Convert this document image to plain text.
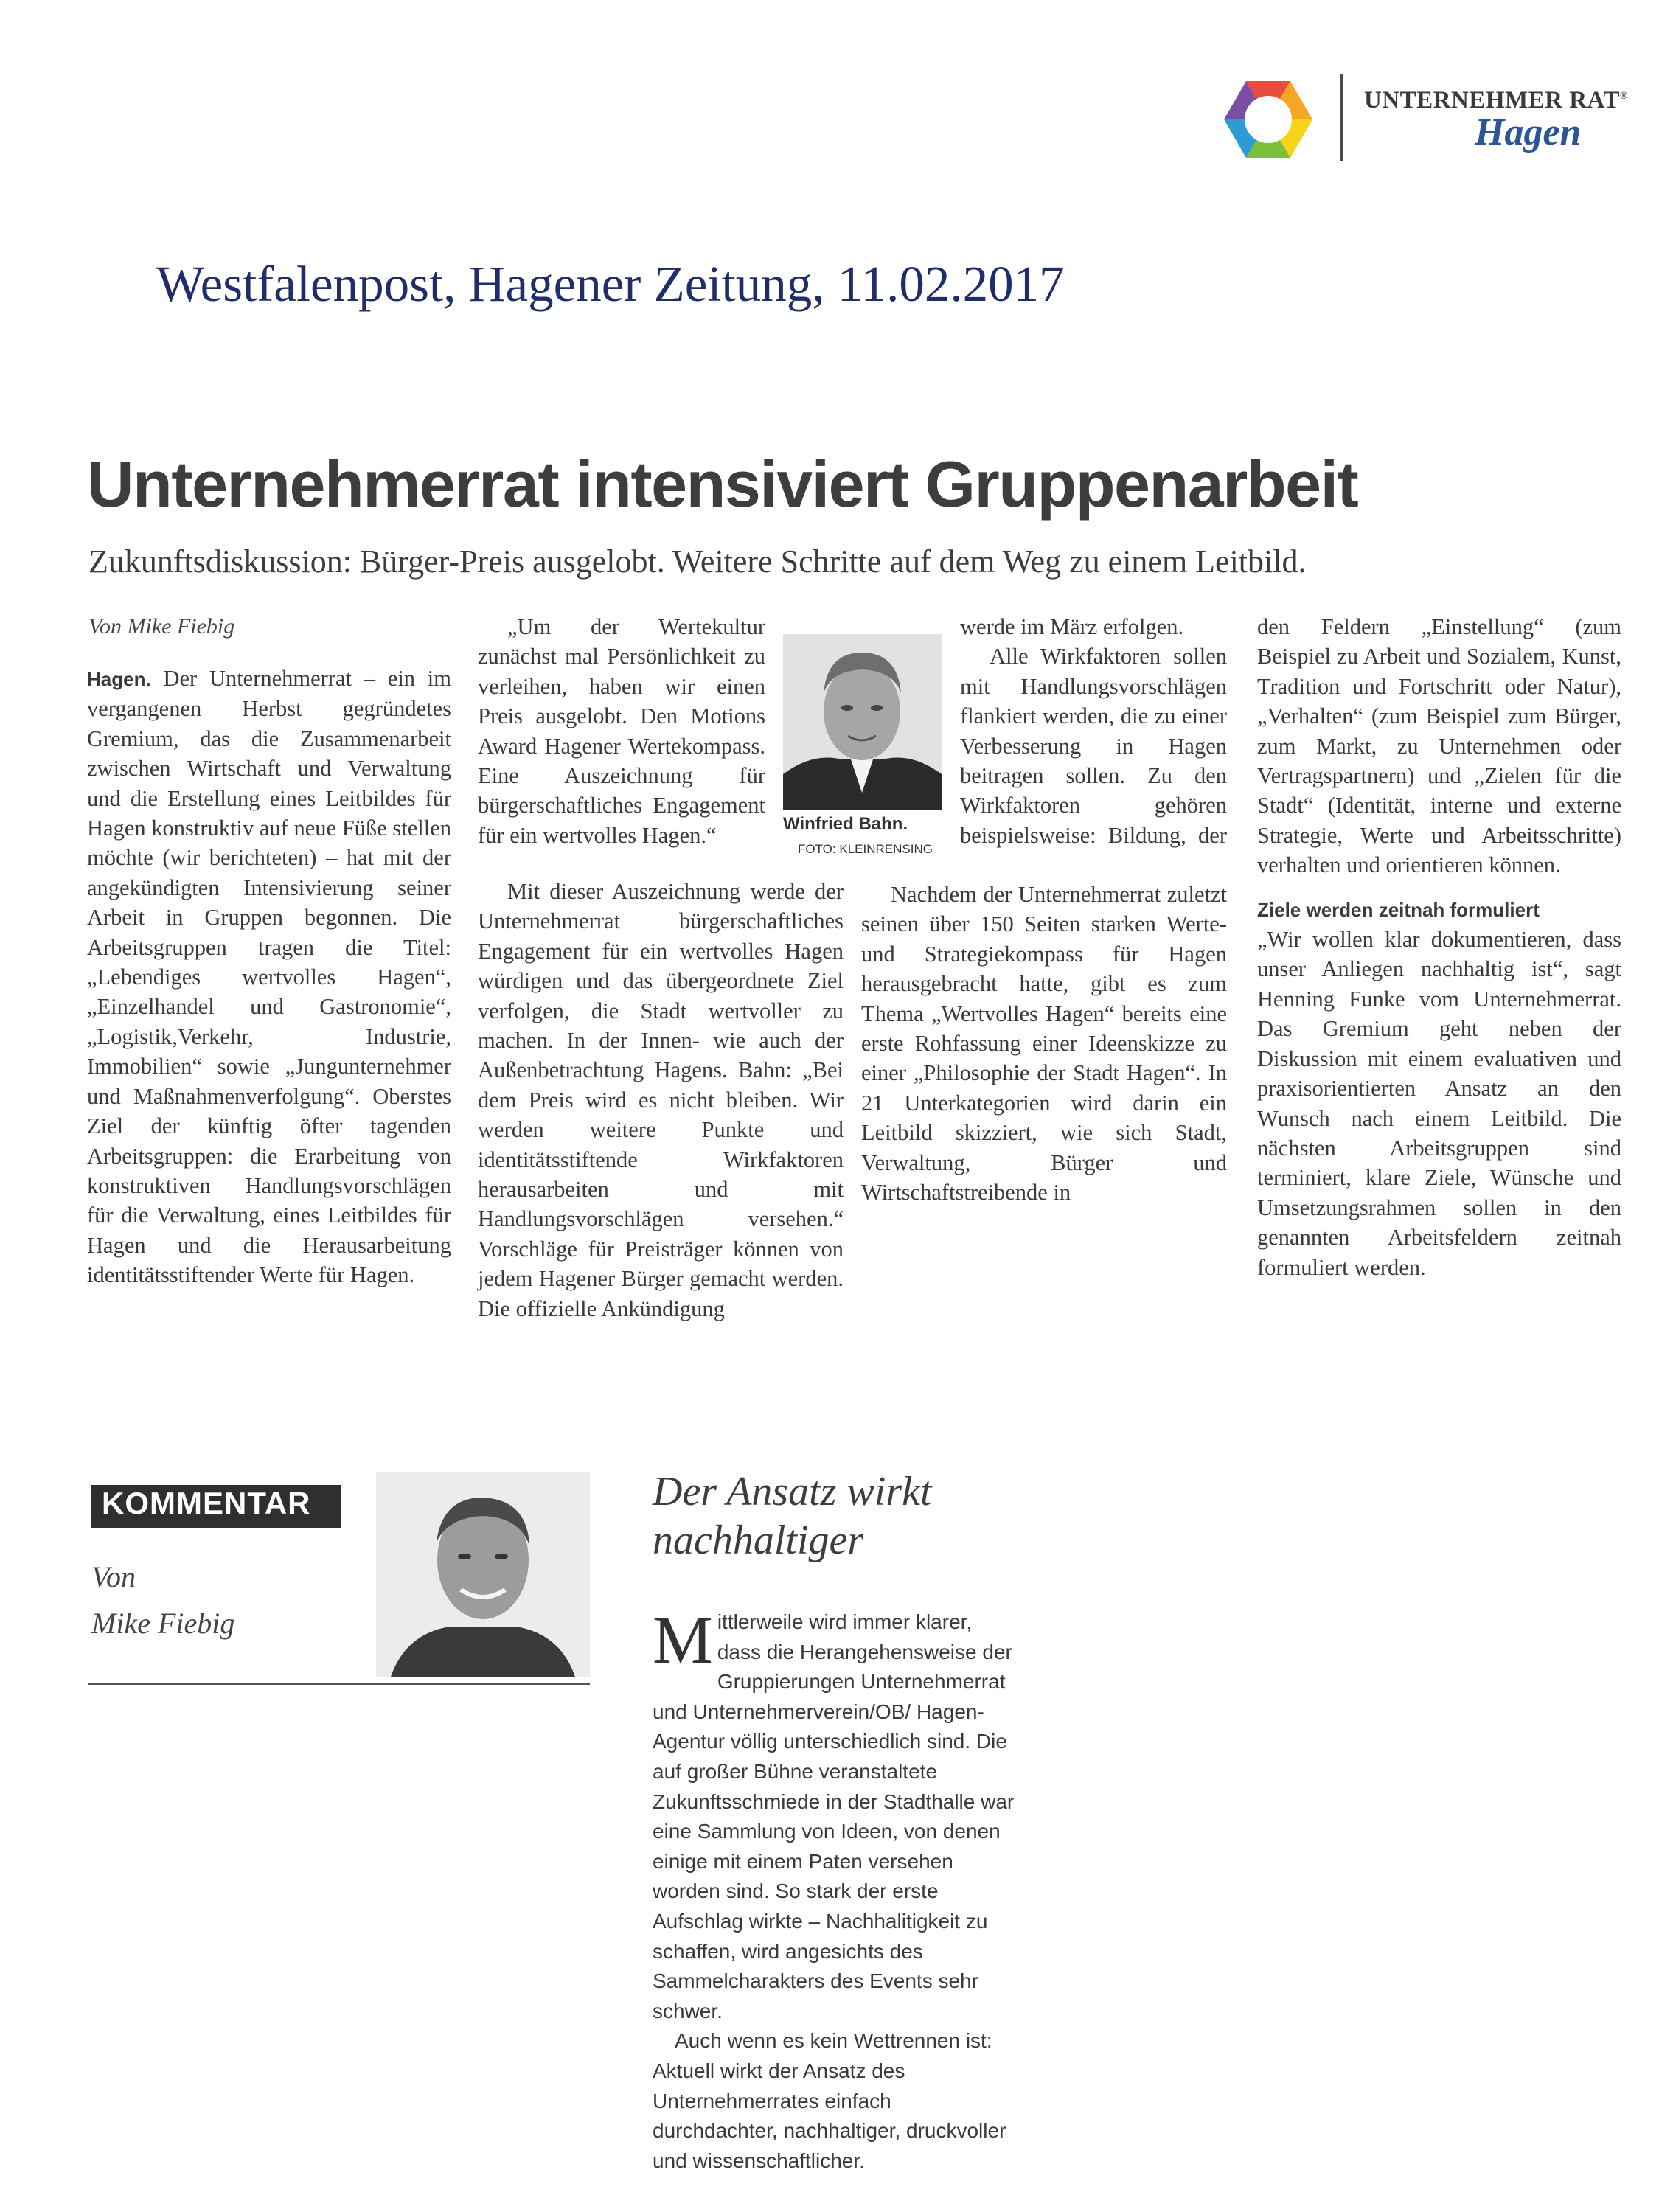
UNTERNEHMER RAT®
Hagen
Westfalenpost, Hagener Zeitung, 11.02.2017
Unternehmerrat intensiviert Gruppenarbeit
Zukunftsdiskussion: Bürger-Preis ausgelobt. Weitere Schritte auf dem Weg zu einem Leitbild.
Von Mike Fiebig

Hagen. Der Unternehmerrat – ein im vergangenen Herbst gegründetes Gremium, das die Zusammenarbeit zwischen Wirtschaft und Verwaltung und die Erstellung eines Leitbildes für Hagen konstruktiv auf neue Füße stellen möchte (wir berichteten) – hat mit der angekündigten Intensivierung seiner Arbeit in Gruppen begonnen. Die Arbeitsgruppen tragen die Titel: „Lebendiges wertvolles Hagen“, „Einzelhandel und Gastronomie“, „Logistik,Verkehr, Industrie, Immobilien“ sowie „Jungunternehmer und Maßnahmenverfolgung“. Oberstes Ziel der künftig öfter tagenden Arbeitsgruppen: die Erarbeitung von konstruktiven Handlungsvorschlägen für die Verwaltung, eines Leitbildes für Hagen und die Herausarbeitung identitätsstiftender Werte für Hagen.

„Um der Wertekultur zunächst mal Persönlichkeit zu verleihen, haben wir einen Preis ausgelobt. Den Motions Award Hagener Wertekompass. Eine Auszeichnung für bürgerschaftliches Engagement für ein wertvolles Hagen.“

Mit dieser Auszeichnung werde der Unternehmerrat bürgerschaftliches Engagement für ein wertvolles Hagen würdigen und das übergeordnete Ziel verfolgen, die Stadt wertvoller zu machen. In der Innen- wie auch der Außenbetrachtung Hagens. Bahn: „Bei dem Preis wird es nicht bleiben. Wir werden weitere Punkte und identitätsstiftende Wirkfaktoren herausarbeiten und mit Handlungsvorschlägen versehen.“ Vorschläge für Preisträger können von jedem Hagener Bürger gemacht werden. Die offizielle Ankündigung

Winfried Bahn.
FOTO: KLEINRENSING

werde im März erfolgen.

Alle Wirkfaktoren sollen mit Handlungsvorschlägen flankiert werden, die zu einer Verbesserung in Hagen beitragen sollen. Zu den Wirkfaktoren gehören beispielsweise: Bildung, der

Nachdem der Unternehmerrat zuletzt seinen über 150 Seiten starken Werte- und Strategiekompass für Hagen herausgebracht hatte, gibt es zum Thema „Wertvolles Hagen“ bereits eine erste Rohfassung einer Ideenskizze zu einer „Philosophie der Stadt Hagen“. In 21 Unterkategorien wird darin ein Leitbild skizziert, wie sich Stadt, Verwaltung, Bürger und Wirtschaftstreibende in

den Feldern „Einstellung“ (zum Beispiel zu Arbeit und Sozialem, Kunst, Tradition und Fortschritt oder Natur), „Verhalten“ (zum Beispiel zum Bürger, zum Markt, zu Unternehmen oder Vertragspartnern) und „Zielen für die Stadt“ (Identität, interne und externe Strategie, Werte und Arbeitsschritte) verhalten und orientieren können.

Ziele werden zeitnah formuliert

„Wir wollen klar dokumentieren, dass unser Anliegen nachhaltig ist“, sagt Henning Funke vom Unternehmerrat. Das Gremium geht neben der Diskussion mit einem evaluativen und praxisorientierten Ansatz an den Wunsch nach einem Leitbild. Die nächsten Arbeitsgruppen sind terminiert, klare Ziele, Wünsche und Umsetzungsrahmen sollen in den genannten Arbeitsfeldern zeitnah formuliert werden.

KOMMENTAR
Von
Mike Fiebig
Der Ansatz wirkt
nachhaltiger

Mittlerweile wird immer klarer, dass die Herangehensweise der Gruppierungen Unternehmerrat und Unternehmerverein/OB/ Hagen-Agentur völlig unterschiedlich sind. Die auf großer Bühne veranstaltete Zukunftsschmiede in der Stadthalle war eine Sammlung von Ideen, von denen einige mit einem Paten versehen worden sind. So stark der erste Aufschlag wirkte – Nachhalitigkeit zu schaffen, wird angesichts des Sammelcharakters des Events sehr schwer.

Auch wenn es kein Wettrennen ist: Aktuell wirkt der Ansatz des Unternehmerrates einfach durchdachter, nachhaltiger, druckvoller und wissenschaftlicher.
